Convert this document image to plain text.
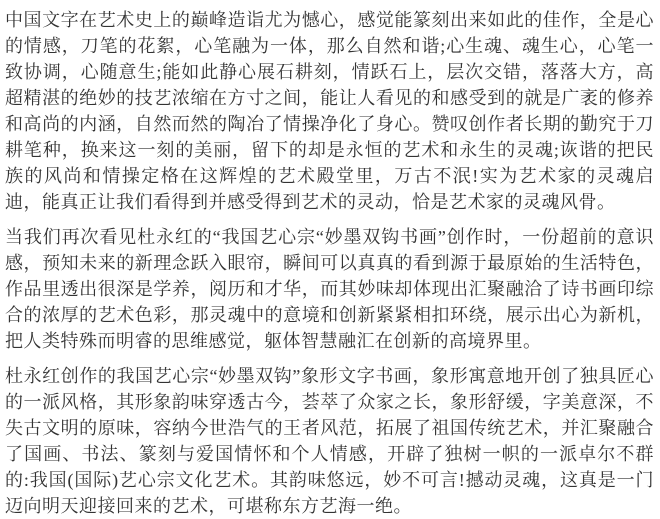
中国文字在艺术史上的巅峰造诣尤为憾心，感觉能篆刻出来如此的佳作，全是心的情感，刀笔的花絮，心笔融为一体，那么自然和谐;心生魂、魂生心，心笔一致协调，心随意生;能如此静心展石耕刻，情跃石上，层次交错，落落大方，高超精湛的绝妙的技艺浓缩在方寸之间，能让人看见的和感受到的就是广袤的修养和高尚的内涵，自然而然的陶冶了情操净化了身心。赞叹创作者长期的勤究于刀耕笔种，换来这一刻的美丽，留下的却是永恒的艺术和永生的灵魂;诙谐的把民族的风尚和情操定格在这辉煌的艺术殿堂里，万古不泯!实为艺术家的灵魂启迪，能真正让我们看得到并感受得到艺术的灵动，恰是艺术家的灵魂风骨。

当我们再次看见杜永红的“我国艺心宗“妙墨双钩书画”创作时，一份超前的意识感，预知未来的新理念跃入眼帘，瞬间可以真真的看到源于最原始的生活特色，作品里透出很深是学养，阅历和才华，而其妙味却体现出汇聚融洽了诗书画印综合的浓厚的艺术色彩，那灵魂中的意境和创新紧紧相扣环绕，展示出心为新机，把人类特殊而明睿的思维感觉，躯体智慧融汇在创新的高境界里。

杜永红创作的我国艺心宗“妙墨双钩”象形文字书画，象形寓意地开创了独具匠心的一派风格，其形象韵味穿透古今，荟萃了众家之长，象形舒缓，字美意深，不失古文明的原味，容纳今世浩气的王者风范，拓展了祖国传统艺术，并汇聚融合了国画、书法、篆刻与爱国情怀和个人情感，开辟了独树一帜的一派卓尔不群的:我国(国际)艺心宗文化艺术。其韵味悠远，妙不可言!撼动灵魂，这真是一门迈向明天迎接回来的艺术，可堪称东方艺海一绝。
